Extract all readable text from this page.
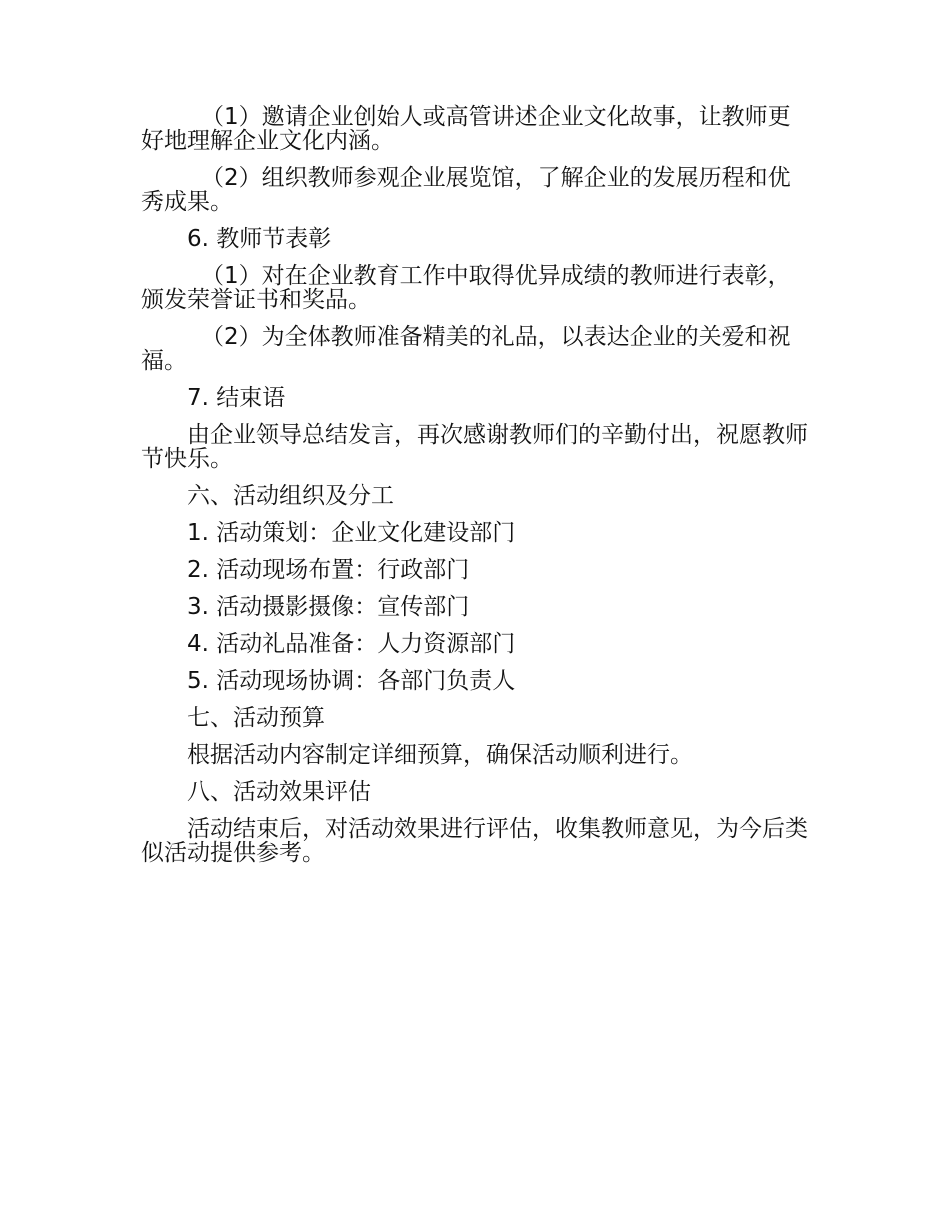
（1）邀请企业创始人或高管讲述企业文化故事，让教师更好地理解企业文化内涵。

（2）组织教师参观企业展览馆，了解企业的发展历程和优秀成果。

6. 教师节表彰

（1）对在企业教育工作中取得优异成绩的教师进行表彰，颁发荣誉证书和奖品。

（2）为全体教师准备精美的礼品，以表达企业的关爱和祝福。

7. 结束语

由企业领导总结发言，再次感谢教师们的辛勤付出，祝愿教师节快乐。

六、活动组织及分工

1. 活动策划：企业文化建设部门

2. 活动现场布置：行政部门

3. 活动摄影摄像：宣传部门

4. 活动礼品准备：人力资源部门

5. 活动现场协调：各部门负责人

七、活动预算

根据活动内容制定详细预算，确保活动顺利进行。

八、活动效果评估

活动结束后，对活动效果进行评估，收集教师意见，为今后类似活动提供参考。
